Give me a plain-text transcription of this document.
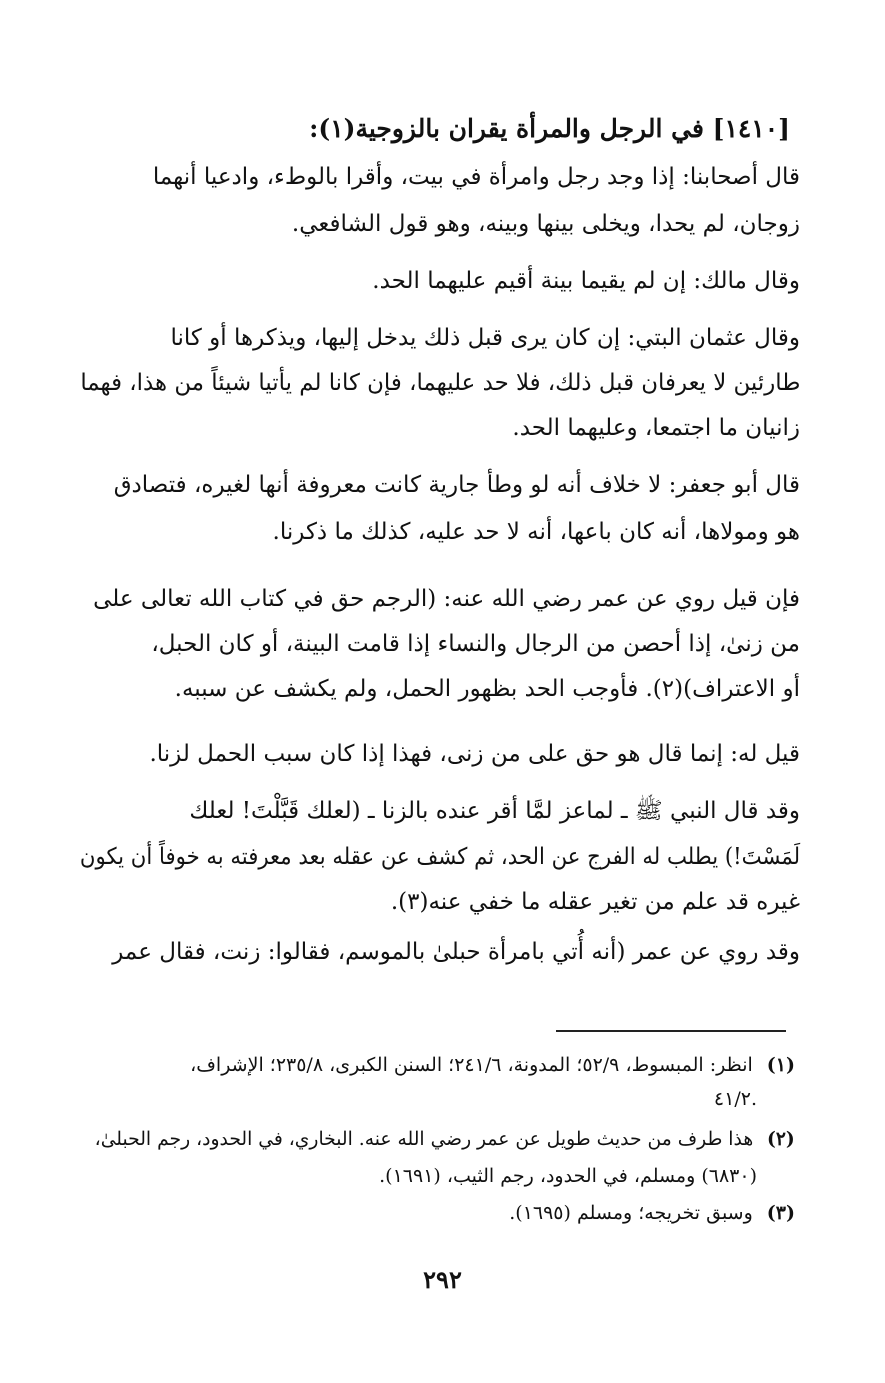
[١٤١٠] في الرجل والمرأة يقران بالزوجية(١):
قال أصحابنا: إذا وجد رجل وامرأة في بيت، وأقرا بالوطء، وادعيا أنهما
زوجان، لم يحدا، ويخلى بينها وبينه، وهو قول الشافعي.
وقال مالك: إن لم يقيما بينة أقيم عليهما الحد.
وقال عثمان البتي: إن كان يرى قبل ذلك يدخل إليها، ويذكرها أو كانا
طارئين لا يعرفان قبل ذلك، فلا حد عليهما، فإن كانا لم يأتيا شيئاً من هذا، فهما
زانيان ما اجتمعا، وعليهما الحد.
قال أبو جعفر: لا خلاف أنه لو وطأ جارية كانت معروفة أنها لغيره، فتصادق
هو ومولاها، أنه كان باعها، أنه لا حد عليه، كذلك ما ذكرنا.
فإن قيل روي عن عمر رضي الله عنه: (الرجم حق في كتاب الله تعالى على
من زنىٰ، إذا أحصن من الرجال والنساء إذا قامت البينة، أو كان الحبل،
أو الاعتراف)(٢). فأوجب الحد بظهور الحمل، ولم يكشف عن سببه.
قيل له: إنما قال هو حق على من زنى، فهذا إذا كان سبب الحمل لزنا.
وقد قال النبي ﷺ ـ لماعز لمَّا أقر عنده بالزنا ـ (لعلك قَبَّلْتَ! لعلك
لَمَسْتَ!) يطلب له الفرج عن الحد، ثم كشف عن عقله بعد معرفته به خوفاً أن يكون
غيره قد علم من تغير عقله ما خفي عنه(٣).
وقد روي عن عمر (أنه أُتي بامرأة حبلىٰ بالموسم، فقالوا: زنت، فقال عمر
(١)انظر: المبسوط، ٥٢/٩؛ المدونة، ٢٤١/٦؛ السنن الكبرى، ٢٣٥/٨؛ الإشراف،
٤١/٢.
(٢)هذا طرف من حديث طويل عن عمر رضي الله عنه. البخاري، في الحدود، رجم الحبلىٰ،
(٦٨٣٠) ومسلم، في الحدود، رجم الثيب، (١٦٩١).
(٣)وسبق تخريجه؛ ومسلم (١٦٩٥).
٢٩٢
